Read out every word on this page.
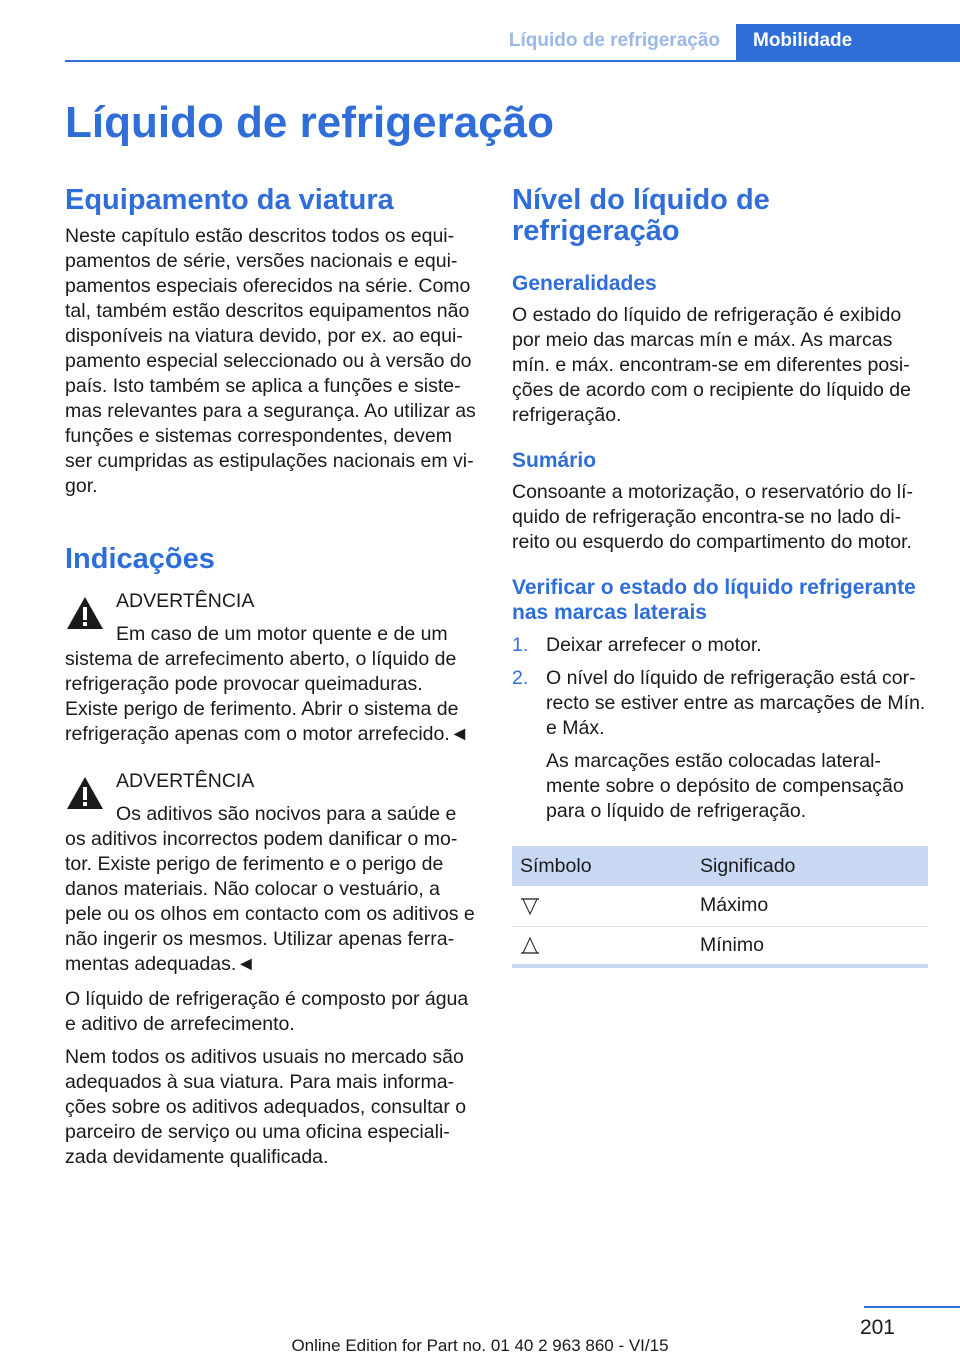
Líquido de refrigeração	Mobilidade
Líquido de refrigeração
Equipamento da viatura

Neste capítulo estão descritos todos os equi-pamentos de série, versões nacionais e equi-pamentos especiais oferecidos na série. Como tal, também estão descritos equipamentos não disponíveis na viatura devido, por ex. ao equi-pamento especial seleccionado ou à versão do país. Isto também se aplica a funções e siste-mas relevantes para a segurança. Ao utilizar as funções e sistemas correspondentes, devem ser cumpridas as estipulações nacionais em vi-gor.

Indicações
ADVERTÊNCIA
Em caso de um motor quente e de um sistema de arrefecimento aberto, o líquido de refrigeração pode provocar queimaduras. Existe perigo de ferimento. Abrir o sistema de refrigeração apenas com o motor arrefecido.◄
ADVERTÊNCIA
Os aditivos são nocivos para a saúde e os aditivos incorrectos podem danificar o mo-tor. Existe perigo de ferimento e o perigo de danos materiais. Não colocar o vestuário, a pele ou os olhos em contacto com os aditivos e não ingerir os mesmos. Utilizar apenas ferra-mentas adequadas.◄

O líquido de refrigeração é composto por água e aditivo de arrefecimento.

Nem todos os aditivos usuais no mercado são adequados à sua viatura. Para mais informa-ções sobre os aditivos adequados, consultar o parceiro de serviço ou uma oficina especiali-zada devidamente qualificada.

Nível do líquido de refrigeração
Generalidades

O estado do líquido de refrigeração é exibido por meio das marcas mín e máx. As marcas mín. e máx. encontram-se em diferentes posi-ções de acordo com o recipiente do líquido de refrigeração.

Sumário

Consoante a motorização, o reservatório do lí-quido de refrigeração encontra-se no lado di-reito ou esquerdo do compartimento do motor.

Verificar o estado do líquido refrigerante nas marcas laterais
1. Deixar arrefecer o motor.

2. O nível do líquido de refrigeração está cor-recto se estiver entre as marcações de Mín. e Máx.

As marcações estão colocadas lateral-mente sobre o depósito de compensação para o líquido de refrigeração.

Símbolo	Significado
	Máximo
	Mínimo
201
Online Edition for Part no. 01 40 2 963 860 - VI/15
